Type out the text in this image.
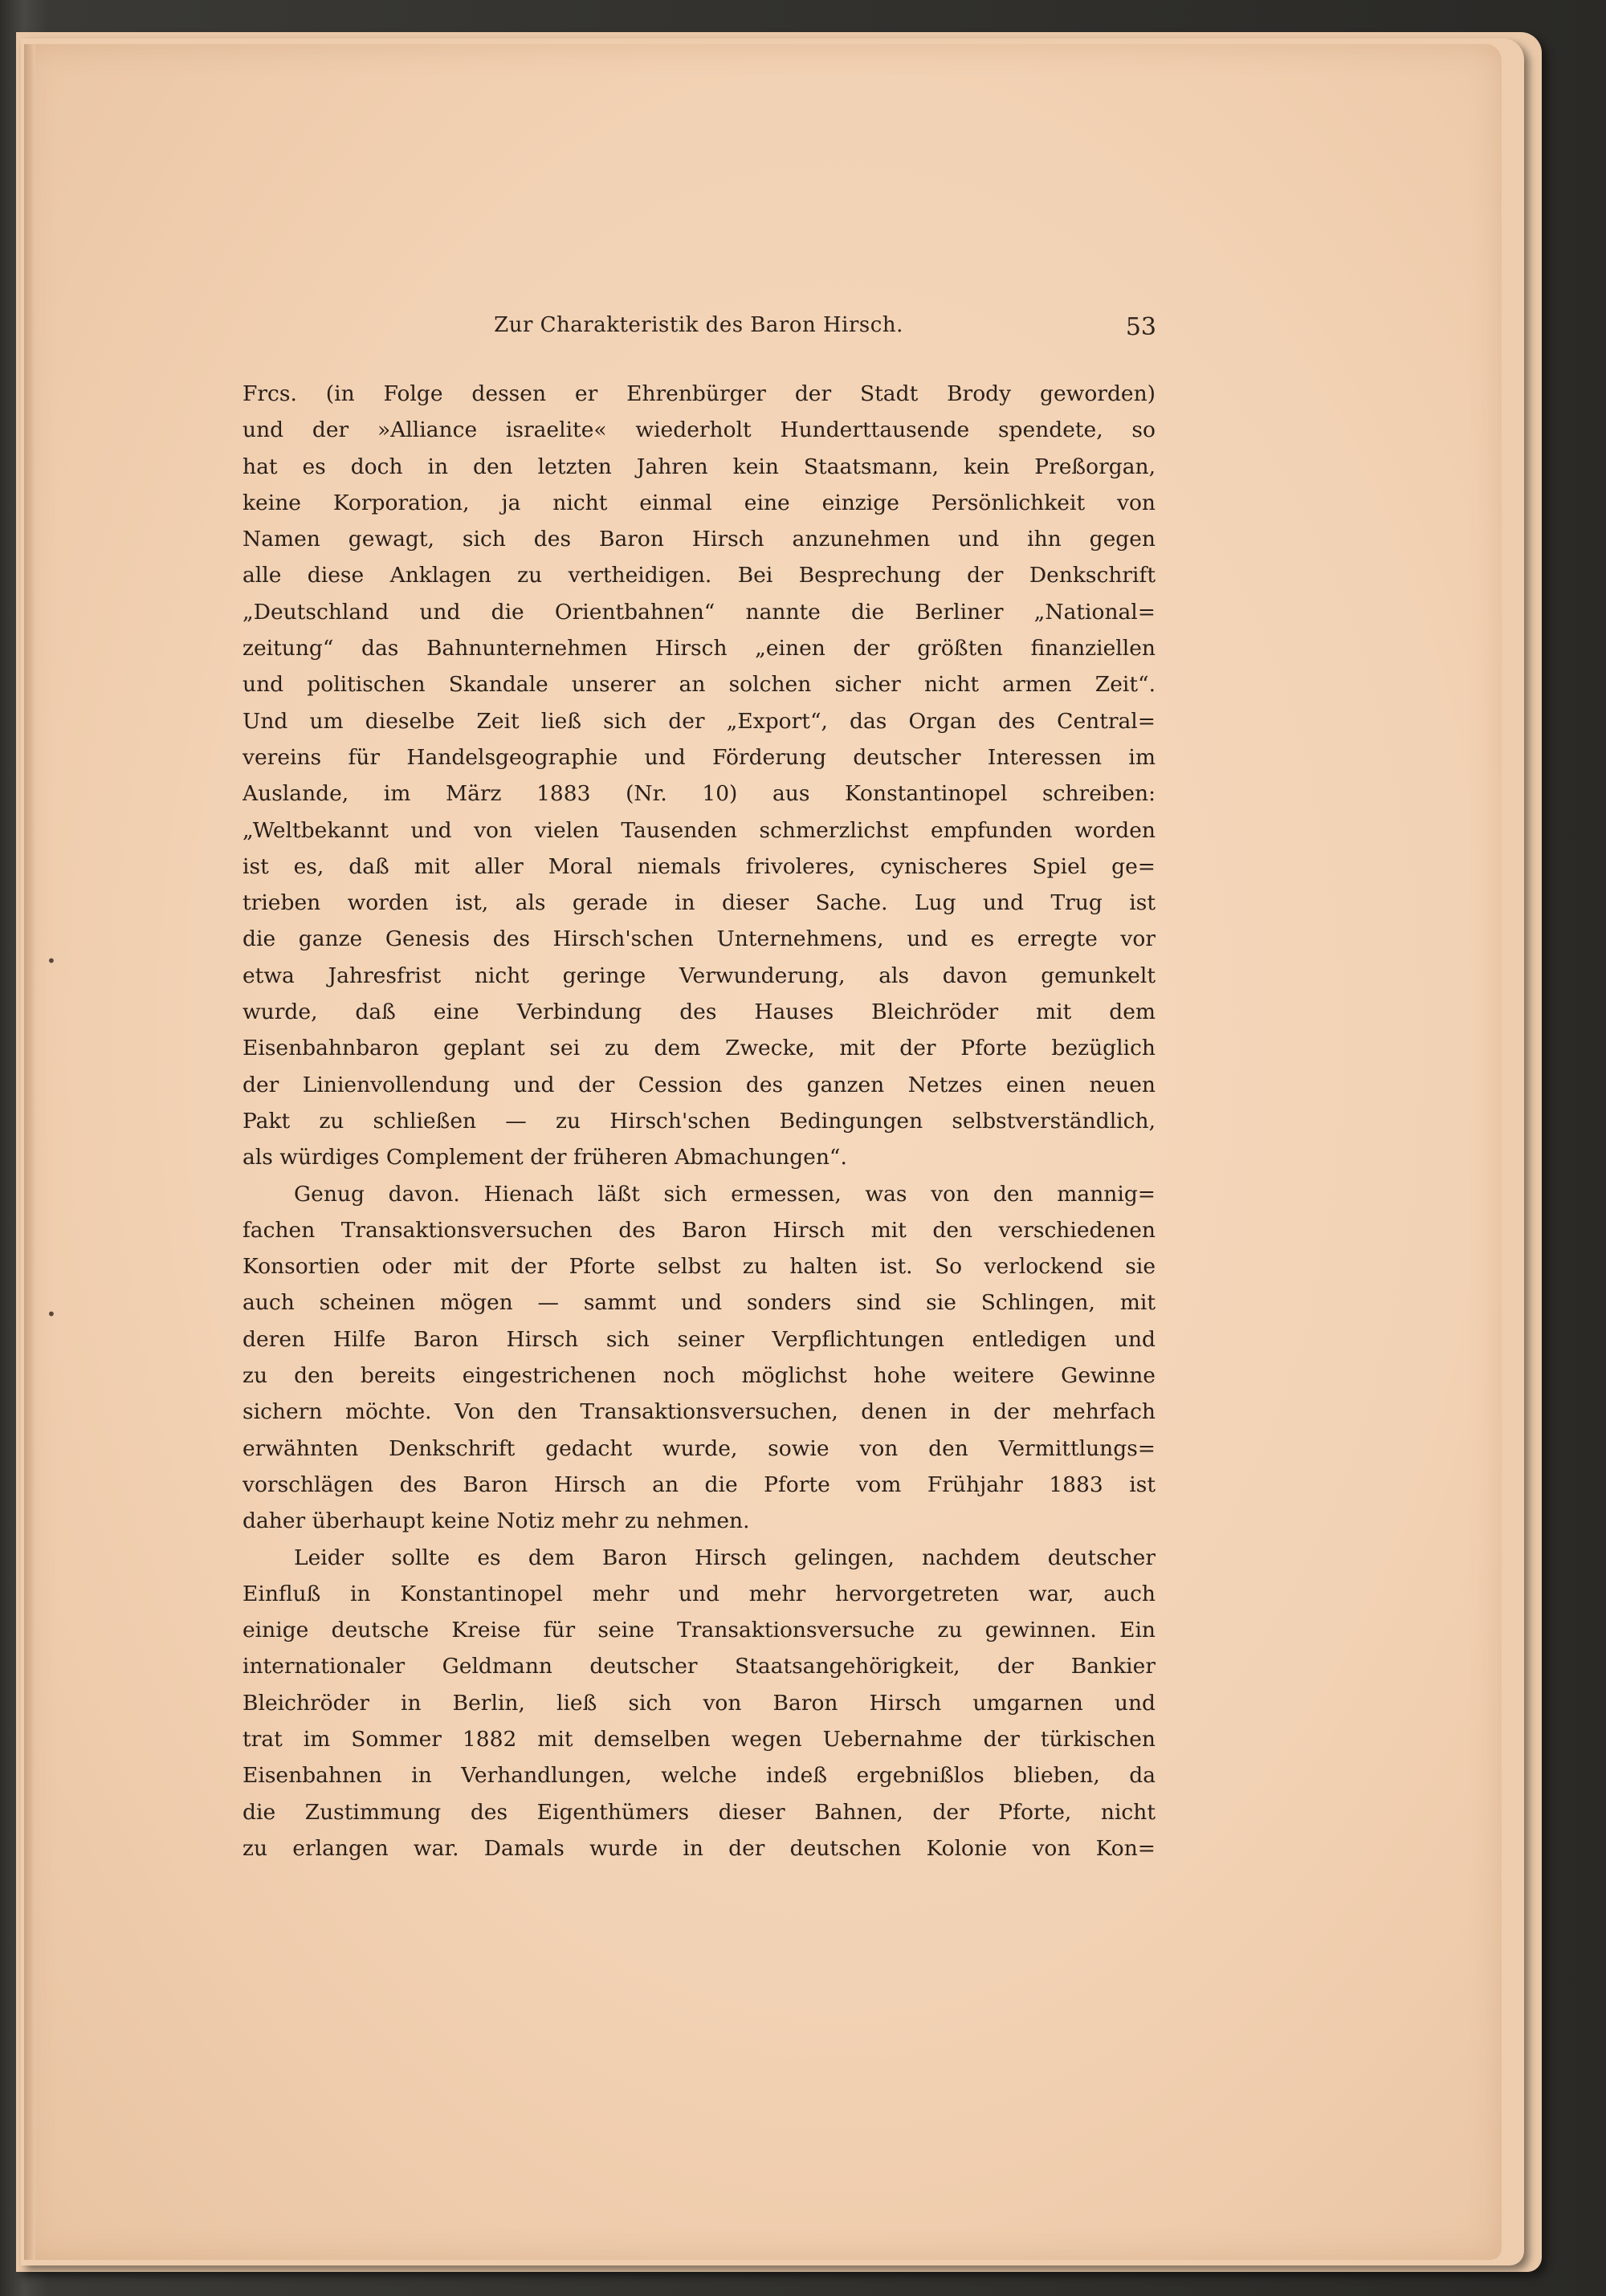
•
•
Zur Charakteristik des Baron Hirsch.	53
Frcs. (in Folge dessen er Ehrenbürger der Stadt Brody geworden)
und der »Alliance israelite« wiederholt Hunderttausende spendete, so
hat es doch in den letzten Jahren kein Staatsmann, kein Preßorgan,
keine Korporation, ja nicht einmal eine einzige Persönlichkeit von
Namen gewagt, sich des Baron Hirsch anzunehmen und ihn gegen
alle diese Anklagen zu vertheidigen. Bei Besprechung der Denkschrift
„Deutschland und die Orientbahnen“ nannte die Berliner „National=
zeitung“ das Bahnunternehmen Hirsch „einen der größten finanziellen
und politischen Skandale unserer an solchen sicher nicht armen Zeit“.
Und um dieselbe Zeit ließ sich der „Export“, das Organ des Central=
vereins für Handelsgeographie und Förderung deutscher Interessen im
Auslande, im März 1883 (Nr. 10) aus Konstantinopel schreiben:
„Weltbekannt und von vielen Tausenden schmerzlichst empfunden worden
ist es, daß mit aller Moral niemals frivoleres, cynischeres Spiel ge=
trieben worden ist, als gerade in dieser Sache. Lug und Trug ist
die ganze Genesis des Hirsch'schen Unternehmens, und es erregte vor
etwa Jahresfrist nicht geringe Verwunderung, als davon gemunkelt
wurde, daß eine Verbindung des Hauses Bleichröder mit dem
Eisenbahnbaron geplant sei zu dem Zwecke, mit der Pforte bezüglich
der Linienvollendung und der Cession des ganzen Netzes einen neuen
Pakt zu schließen — zu Hirsch'schen Bedingungen selbstverständlich,
als würdiges Complement der früheren Abmachungen“.
Genug davon. Hienach läßt sich ermessen, was von den mannig=
fachen Transaktionsversuchen des Baron Hirsch mit den verschiedenen
Konsortien oder mit der Pforte selbst zu halten ist. So verlockend sie
auch scheinen mögen — sammt und sonders sind sie Schlingen, mit
deren Hilfe Baron Hirsch sich seiner Verpflichtungen entledigen und
zu den bereits eingestrichenen noch möglichst hohe weitere Gewinne
sichern möchte. Von den Transaktionsversuchen, denen in der mehrfach
erwähnten Denkschrift gedacht wurde, sowie von den Vermittlungs=
vorschlägen des Baron Hirsch an die Pforte vom Frühjahr 1883 ist
daher überhaupt keine Notiz mehr zu nehmen.
Leider sollte es dem Baron Hirsch gelingen, nachdem deutscher
Einfluß in Konstantinopel mehr und mehr hervorgetreten war, auch
einige deutsche Kreise für seine Transaktionsversuche zu gewinnen. Ein
internationaler Geldmann deutscher Staatsangehörigkeit, der Bankier
Bleichröder in Berlin, ließ sich von Baron Hirsch umgarnen und
trat im Sommer 1882 mit demselben wegen Uebernahme der türkischen
Eisenbahnen in Verhandlungen, welche indeß ergebnißlos blieben, da
die Zustimmung des Eigenthümers dieser Bahnen, der Pforte, nicht
zu erlangen war. Damals wurde in der deutschen Kolonie von Kon=
